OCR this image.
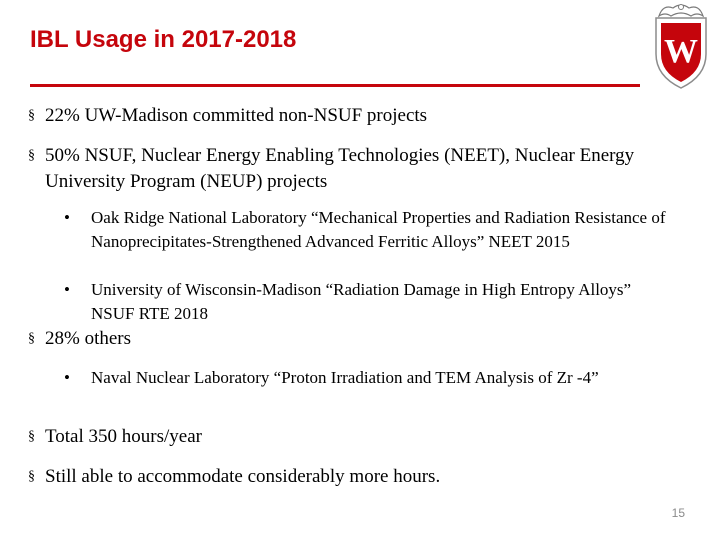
IBL Usage in 2017-2018	W
§ 22% UW-Madison committed non-NSUF projects
§ 50% NSUF, Nuclear Energy Enabling Technologies (NEET), Nuclear Energy University Program (NEUP) projects
• Oak Ridge National Laboratory “Mechanical Properties and Radiation Resistance of Nanoprecipitates-Strengthened Advanced Ferritic Alloys” NEET 2015
• University of Wisconsin-Madison “Radiation Damage in High Entropy Alloys” NSUF RTE 2018
§ 28% others
• Naval Nuclear Laboratory “Proton Irradiation and TEM Analysis of Zr -4”
§ Total 350 hours/year
§ Still able to accommodate considerably more hours.
15
